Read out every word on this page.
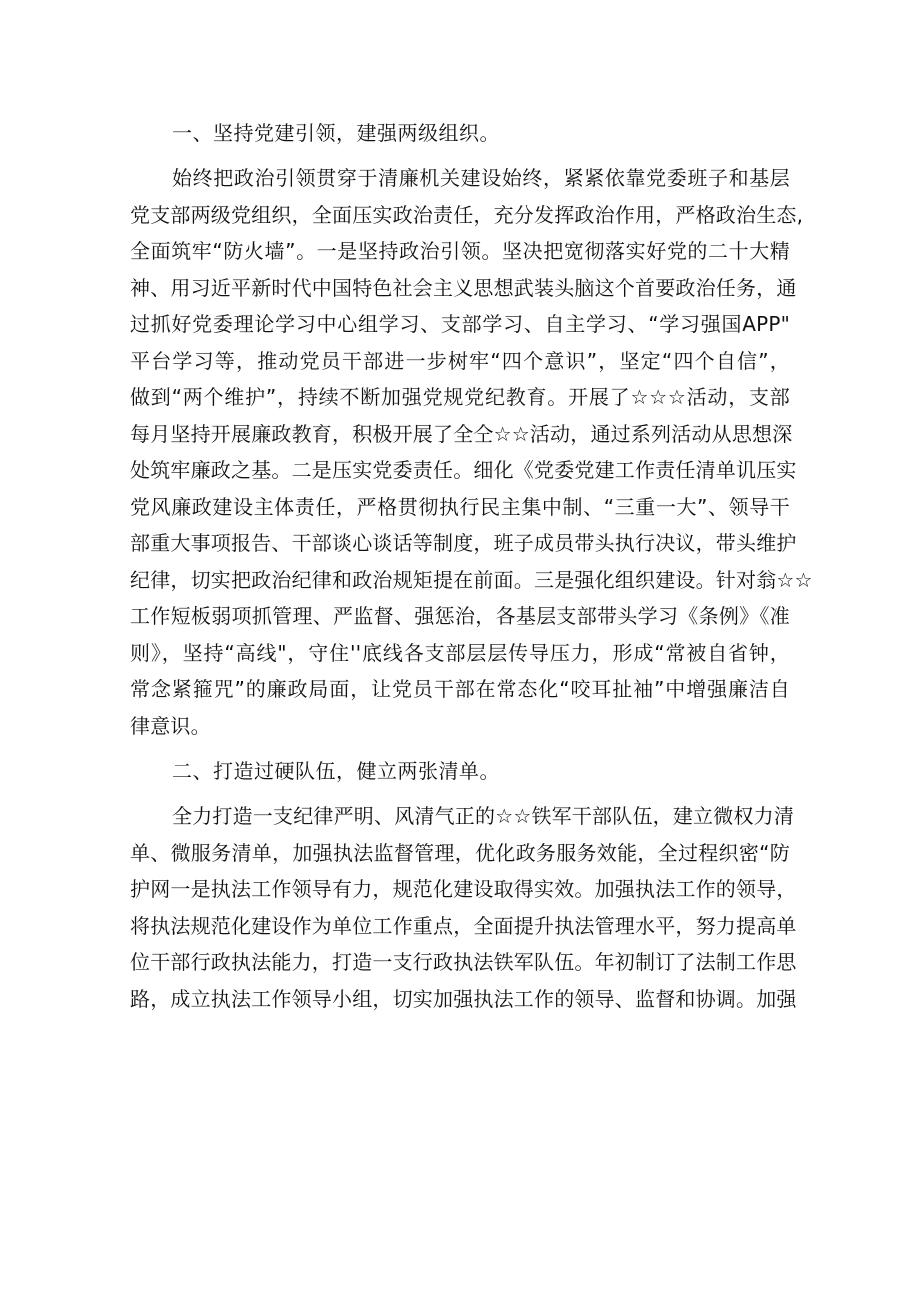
一、坚持党建引领，建强两级组织。
始终把政治引领贯穿于清廉机关建设始终，紧紧依靠党委班子和基层
党支部两级党组织，全面压实政治责任，充分发挥政治作用，严格政治生态,
全面筑牢“防火墙”。一是坚持政治引领。坚决把宽彻落实好党的二十大精
神、用习近平新时代中国特色社会主义思想武装头脑这个首要政治任务，通
过抓好党委理论学习中心组学习、支部学习、自主学习、“学习强国APP"
平台学习等，推动党员干部进一步树牢“四个意识”，坚定“四个自信”，
做到“两个维护”，持续不断加强党规党纪教育。开展了☆☆☆活动，支部
每月坚持开展廉政教育，积极开展了全仝☆☆活动，通过系列活动从思想深
处筑牢廉政之基。二是压实党委责任。细化《党委党建工作责任清单讥压实
党风廉政建设主体责任，严格贯彻执行民主集中制、“三重一大”、领导干
部重大事项报告、干部谈心谈话等制度，班子成员带头执行决议，带头维护
纪律，切实把政治纪律和政治规矩提在前面。三是强化组织建设。针对翁☆☆
工作短板弱项抓管理、严监督、强惩治，各基层支部带头学习《条例》《准
则》，坚持“高线"，守住''底线各支部层层传导压力，形成“常被自省钟，
常念紧箍咒”的廉政局面，让党员干部在常态化“咬耳扯袖”中增强廉洁自
律意识。
二、打造过硬队伍，健立两张清单。
全力打造一支纪律严明、风清气正的☆☆铁军干部队伍，建立微权力清
单、微服务清单，加强执法监督管理，优化政务服务效能，全过程织密“防
护网一是执法工作领导有力，规范化建设取得实效。加强执法工作的领导，
将执法规范化建设作为单位工作重点，全面提升执法管理水平，努力提高单
位干部行政执法能力，打造一支行政执法铁军队伍。年初制订了法制工作思
路，成立执法工作领导小组，切实加强执法工作的领导、监督和协调。加强
